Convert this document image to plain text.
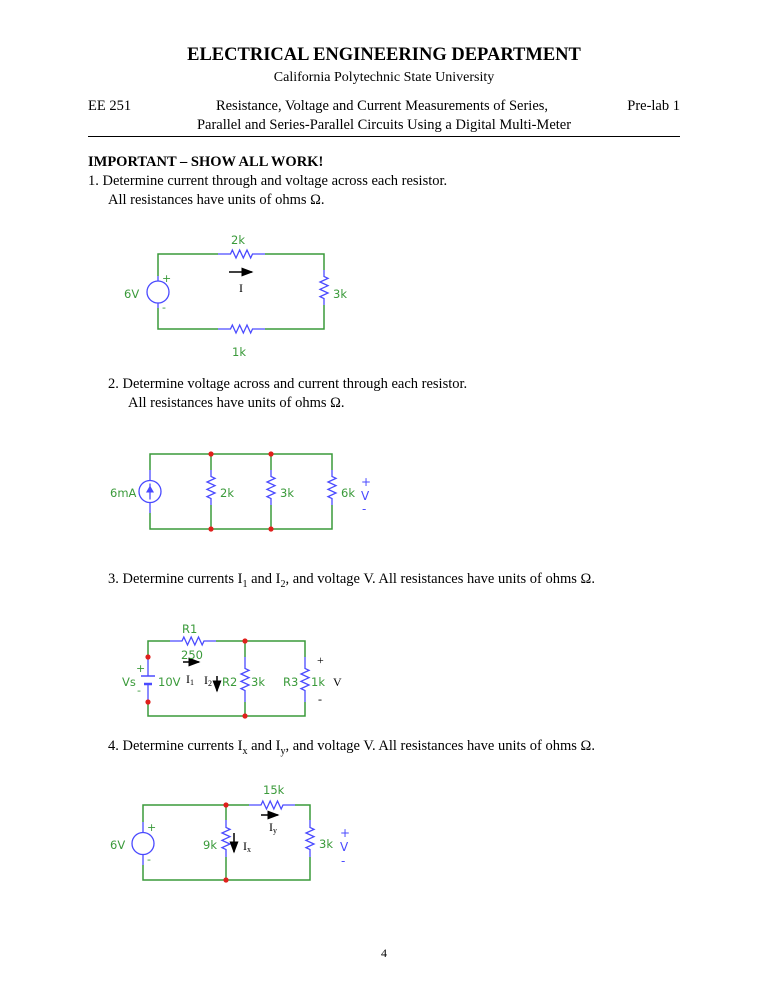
ELECTRICAL ENGINEERING DEPARTMENT
California Polytechnic State University
EE 251	Resistance, Voltage and Current Measurements of Series,
Parallel and Series-Parallel Circuits Using a Digital Multi-Meter
Pre-lab 1
IMPORTANT – SHOW ALL WORK!
1. Determine current through and voltage across each resistor.
All resistances have units of ohms Ω.
2. Determine voltage across and current through each resistor.
All resistances have units of ohms Ω.
3. Determine currents $I_1$ and $I_2$, and voltage V. All resistances have units of ohms Ω.
4. Determine currents $I_x$ and $I_y$, and voltage V. All resistances have units of ohms Ω.
4
2k
3k
1k
6V
+
-
I
6mA	2k	3k	6k
+
V
-
R1
250
Vs 10V
+
-
I1 I2 R2 3k R3 1k V
+
-
15k
6V
+
-
9k Ix
Iy
3k
+
V
-
